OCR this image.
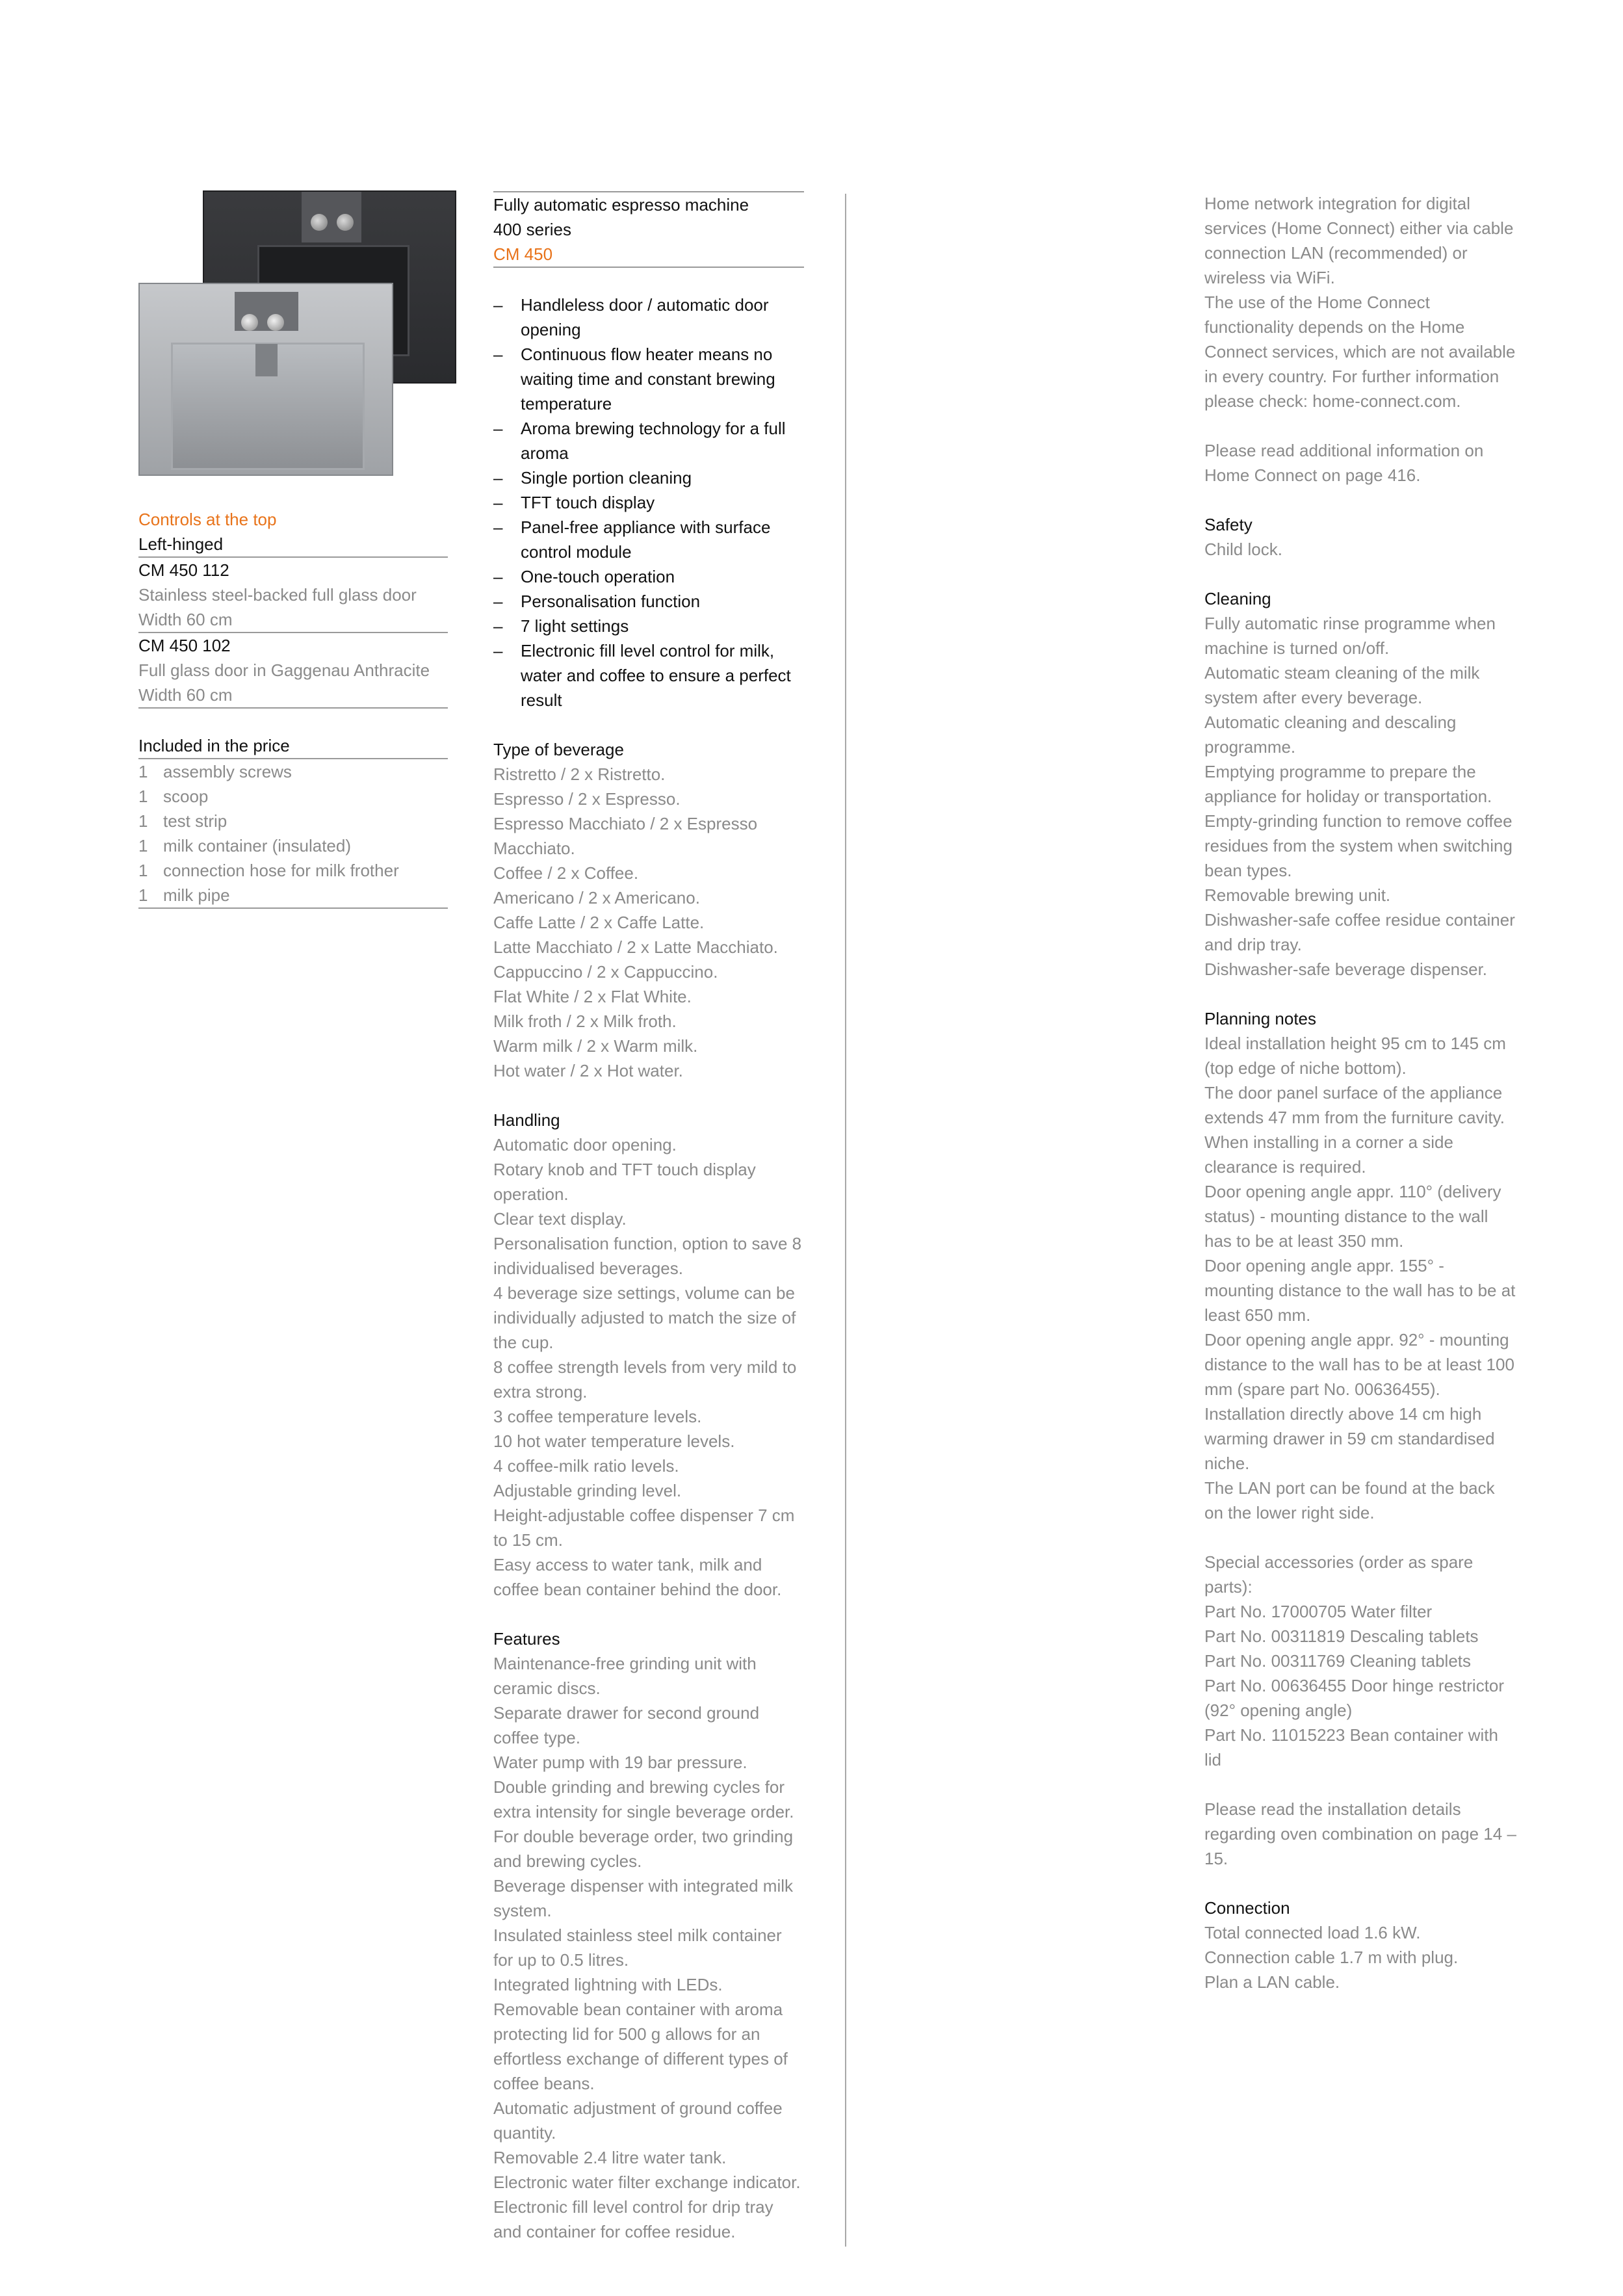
Controls at the top

Left-hinged

CM 450 112

Stainless steel-backed full glass door

Width 60 cm

CM 450 102

Full glass door in Gaggenau Anthracite

Width 60 cm

Included in the price

1 assembly screws
1 scoop
1 test strip
1 milk container (insulated)
1 connection hose for milk frother
1 milk pipe

Fully automatic espresso machine

400 series

CM 450

– Handleless door / automatic door opening
– Continuous flow heater means no waiting time and constant brewing temperature
– Aroma brewing technology for a full aroma
– Single portion cleaning
– TFT touch display
– Panel-free appliance with surface control module
– One-touch operation
– Personalisation function
– 7 light settings
– Electronic fill level control for milk, water and coffee to ensure a perfect result

Type of beverage

Ristretto / 2 x Ristretto.

Espresso / 2 x Espresso.

Espresso Macchiato / 2 x Espresso Macchiato.

Coffee / 2 x Coffee.

Americano / 2 x Americano.

Caffe Latte / 2 x Caffe Latte.

Latte Macchiato / 2 x Latte Macchiato.

Cappuccino / 2 x Cappuccino.

Flat White / 2 x Flat White.

Milk froth / 2 x Milk froth.

Warm milk / 2 x Warm milk.

Hot water / 2 x Hot water.

Handling

Automatic door opening.

Rotary knob and TFT touch display operation.

Clear text display.

Personalisation function, option to save 8 individualised beverages.

4 beverage size settings, volume can be individually adjusted to match the size of the cup.

8 coffee strength levels from very mild to extra strong.

3 coffee temperature levels.

10 hot water temperature levels.

4 coffee-milk ratio levels.

Adjustable grinding level.

Height-adjustable coffee dispenser 7 cm to 15 cm.

Easy access to water tank, milk and coffee bean container behind the door.

Features

Maintenance-free grinding unit with ceramic discs.

Separate drawer for second ground coffee type.

Water pump with 19 bar pressure.

Double grinding and brewing cycles for extra intensity for single beverage order. For double beverage order, two grinding and brewing cycles.

Beverage dispenser with integrated milk system.

Insulated stainless steel milk container for up to 0.5 litres.

Integrated lightning with LEDs.

Removable bean container with aroma protecting lid for 500 g allows for an effortless exchange of different types of coffee beans.

Automatic adjustment of ground coffee quantity.

Removable 2.4 litre water tank.

Electronic water filter exchange indicator.

Electronic fill level control for drip tray and container for coffee residue.

Home network integration for digital services (Home Connect) either via cable connection LAN (recommended) or wireless via WiFi.

The use of the Home Connect functionality depends on the Home Connect services, which are not available in every country. For further information please check: home-connect.com.

Please read additional information on Home Connect on page 416.

Safety

Child lock.

Cleaning

Fully automatic rinse programme when machine is turned on/off.

Automatic steam cleaning of the milk system after every beverage.

Automatic cleaning and descaling programme.

Emptying programme to prepare the appliance for holiday or transportation.

Empty-grinding function to remove coffee residues from the system when switching bean types.

Removable brewing unit.

Dishwasher-safe coffee residue container and drip tray.

Dishwasher-safe beverage dispenser.

Planning notes

Ideal installation height 95 cm to 145 cm (top edge of niche bottom).

The door panel surface of the appliance extends 47 mm from the furniture cavity.

When installing in a corner a side clearance is required.

Door opening angle appr. 110° (delivery status) - mounting distance to the wall has to be at least 350 mm.

Door opening angle appr. 155° - mounting distance to the wall has to be at least 650 mm.

Door opening angle appr. 92° - mounting distance to the wall has to be at least 100 mm (spare part No. 00636455).

Installation directly above 14 cm high warming drawer in 59 cm standardised niche.

The LAN port can be found at the back on the lower right side.

Special accessories (order as spare parts):

Part No. 17000705 Water filter

Part No. 00311819 Descaling tablets

Part No. 00311769 Cleaning tablets

Part No. 00636455 Door hinge restrictor (92° opening angle)

Part No. 11015223 Bean container with lid

Please read the installation details regarding oven combination on page 14 – 15.

Connection

Total connected load 1.6 kW.

Connection cable 1.7 m with plug.

Plan a LAN cable.
